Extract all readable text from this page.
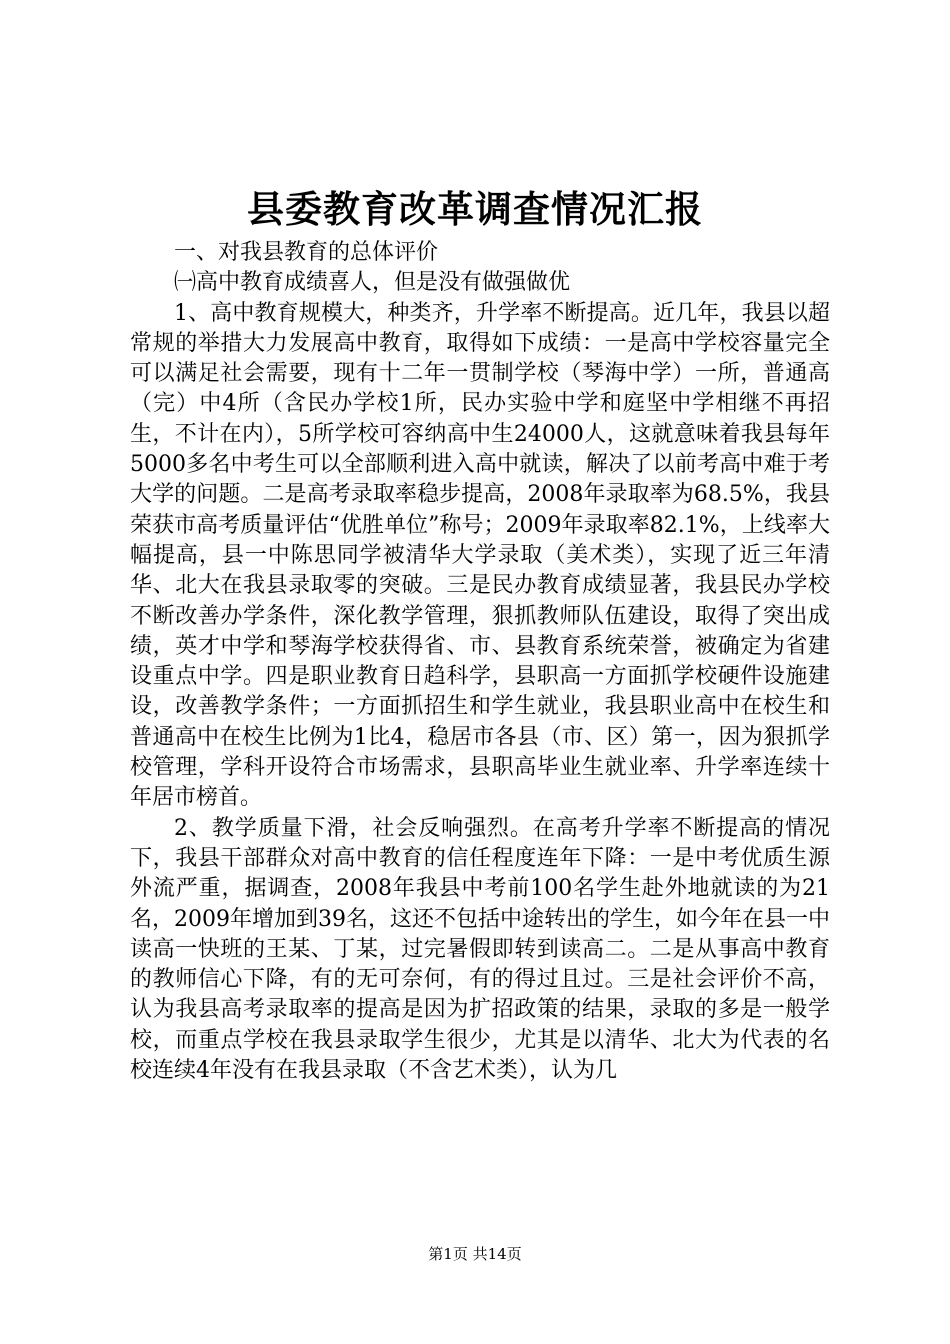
县委教育改革调查情况汇报

一、对我县教育的总体评价

㈠高中教育成绩喜人，但是没有做强做优

1、高中教育规模大，种类齐，升学率不断提高。近几年，我县以超常规的举措大力发展高中教育，取得如下成绩：一是高中学校容量完全可以满足社会需要，现有十二年一贯制学校（琴海中学）一所，普通高（完）中4所（含民办学校1所，民办实验中学和庭坚中学相继不再招生，不计在内），5所学校可容纳高中生24000人，这就意味着我县每年5000多名中考生可以全部顺利进入高中就读，解决了以前考高中难于考大学的问题。二是高考录取率稳步提高，2008年录取率为68.5%，我县荣获市高考质量评估“优胜单位”称号；2009年录取率82.1%，上线率大幅提高，县一中陈思同学被清华大学录取（美术类），实现了近三年清华、北大在我县录取零的突破。三是民办教育成绩显著，我县民办学校不断改善办学条件，深化教学管理，狠抓教师队伍建设，取得了突出成绩，英才中学和琴海学校获得省、市、县教育系统荣誉，被确定为省建设重点中学。四是职业教育日趋科学，县职高一方面抓学校硬件设施建设，改善教学条件；一方面抓招生和学生就业，我县职业高中在校生和普通高中在校生比例为1比4，稳居市各县（市、区）第一，因为狠抓学校管理，学科开设符合市场需求，县职高毕业生就业率、升学率连续十年居市榜首。

2、教学质量下滑，社会反响强烈。在高考升学率不断提高的情况下，我县干部群众对高中教育的信任程度连年下降：一是中考优质生源外流严重，据调查，2008年我县中考前100名学生赴外地就读的为21名，2009年增加到39名，这还不包括中途转出的学生，如今年在县一中读高一快班的王某、丁某，过完暑假即转到读高二。二是从事高中教育的教师信心下降，有的无可奈何，有的得过且过。三是社会评价不高，认为我县高考录取率的提高是因为扩招政策的结果，录取的多是一般学校，而重点学校在我县录取学生很少，尤其是以清华、北大为代表的名校连续4年没有在我县录取（不含艺术类），认为几

第1页 共14页
